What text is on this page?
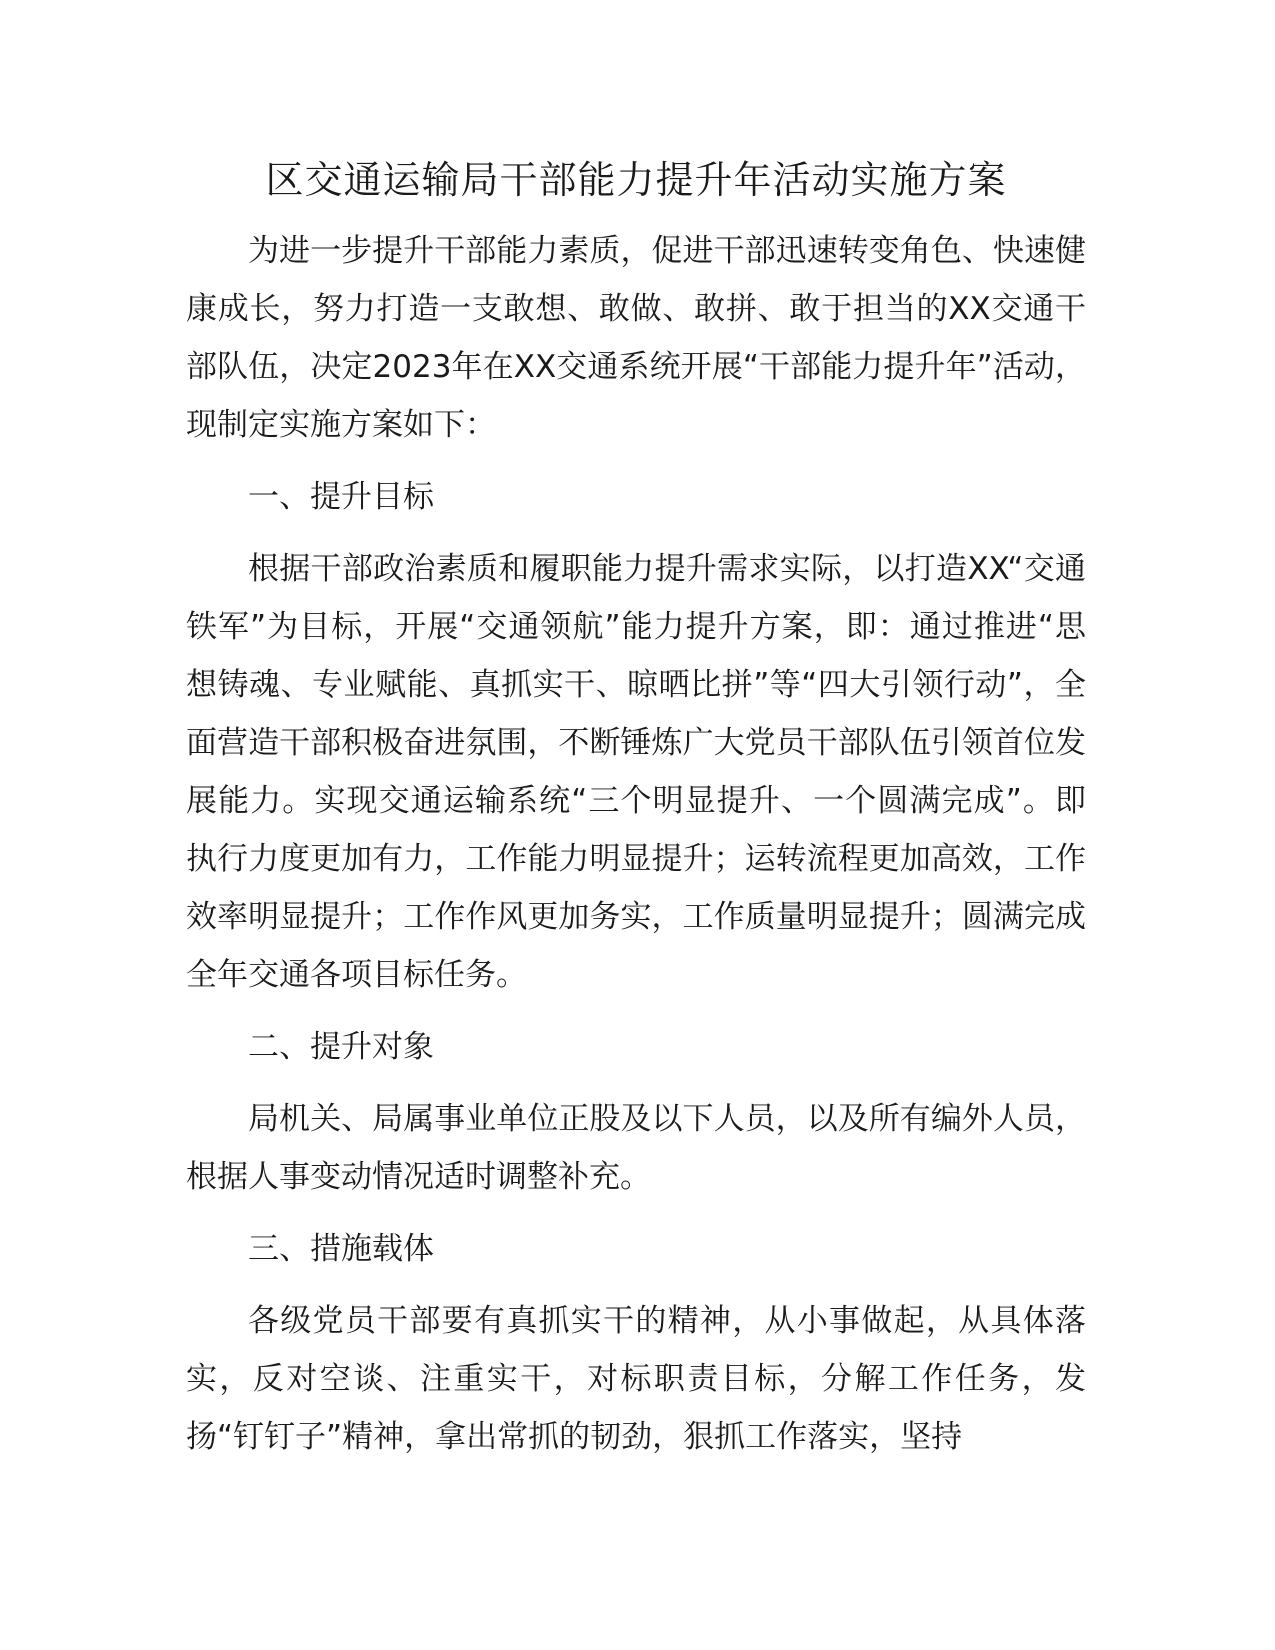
区交通运输局干部能力提升年活动实施方案

为进一步提升干部能力素质，促进干部迅速转变角色、快速健康成长，努力打造一支敢想、敢做、敢拼、敢于担当的XX交通干部队伍，决定2023年在XX交通系统开展“干部能力提升年”活动，现制定实施方案如下：

一、提升目标

根据干部政治素质和履职能力提升需求实际，以打造XX“交通铁军”为目标，开展“交通领航”能力提升方案，即：通过推进“思想铸魂、专业赋能、真抓实干、晾晒比拼”等“四大引领行动”，全面营造干部积极奋进氛围，不断锤炼广大党员干部队伍引领首位发展能力。实现交通运输系统“三个明显提升、一个圆满完成”。即执行力度更加有力，工作能力明显提升；运转流程更加高效，工作效率明显提升；工作作风更加务实，工作质量明显提升；圆满完成全年交通各项目标任务。

二、提升对象

局机关、局属事业单位正股及以下人员，以及所有编外人员，根据人事变动情况适时调整补充。

三、措施载体

各级党员干部要有真抓实干的精神，从小事做起，从具体落实，反对空谈、注重实干，对标职责目标，分解工作任务，发扬“钉钉子”精神，拿出常抓的韧劲，狠抓工作落实，坚持
